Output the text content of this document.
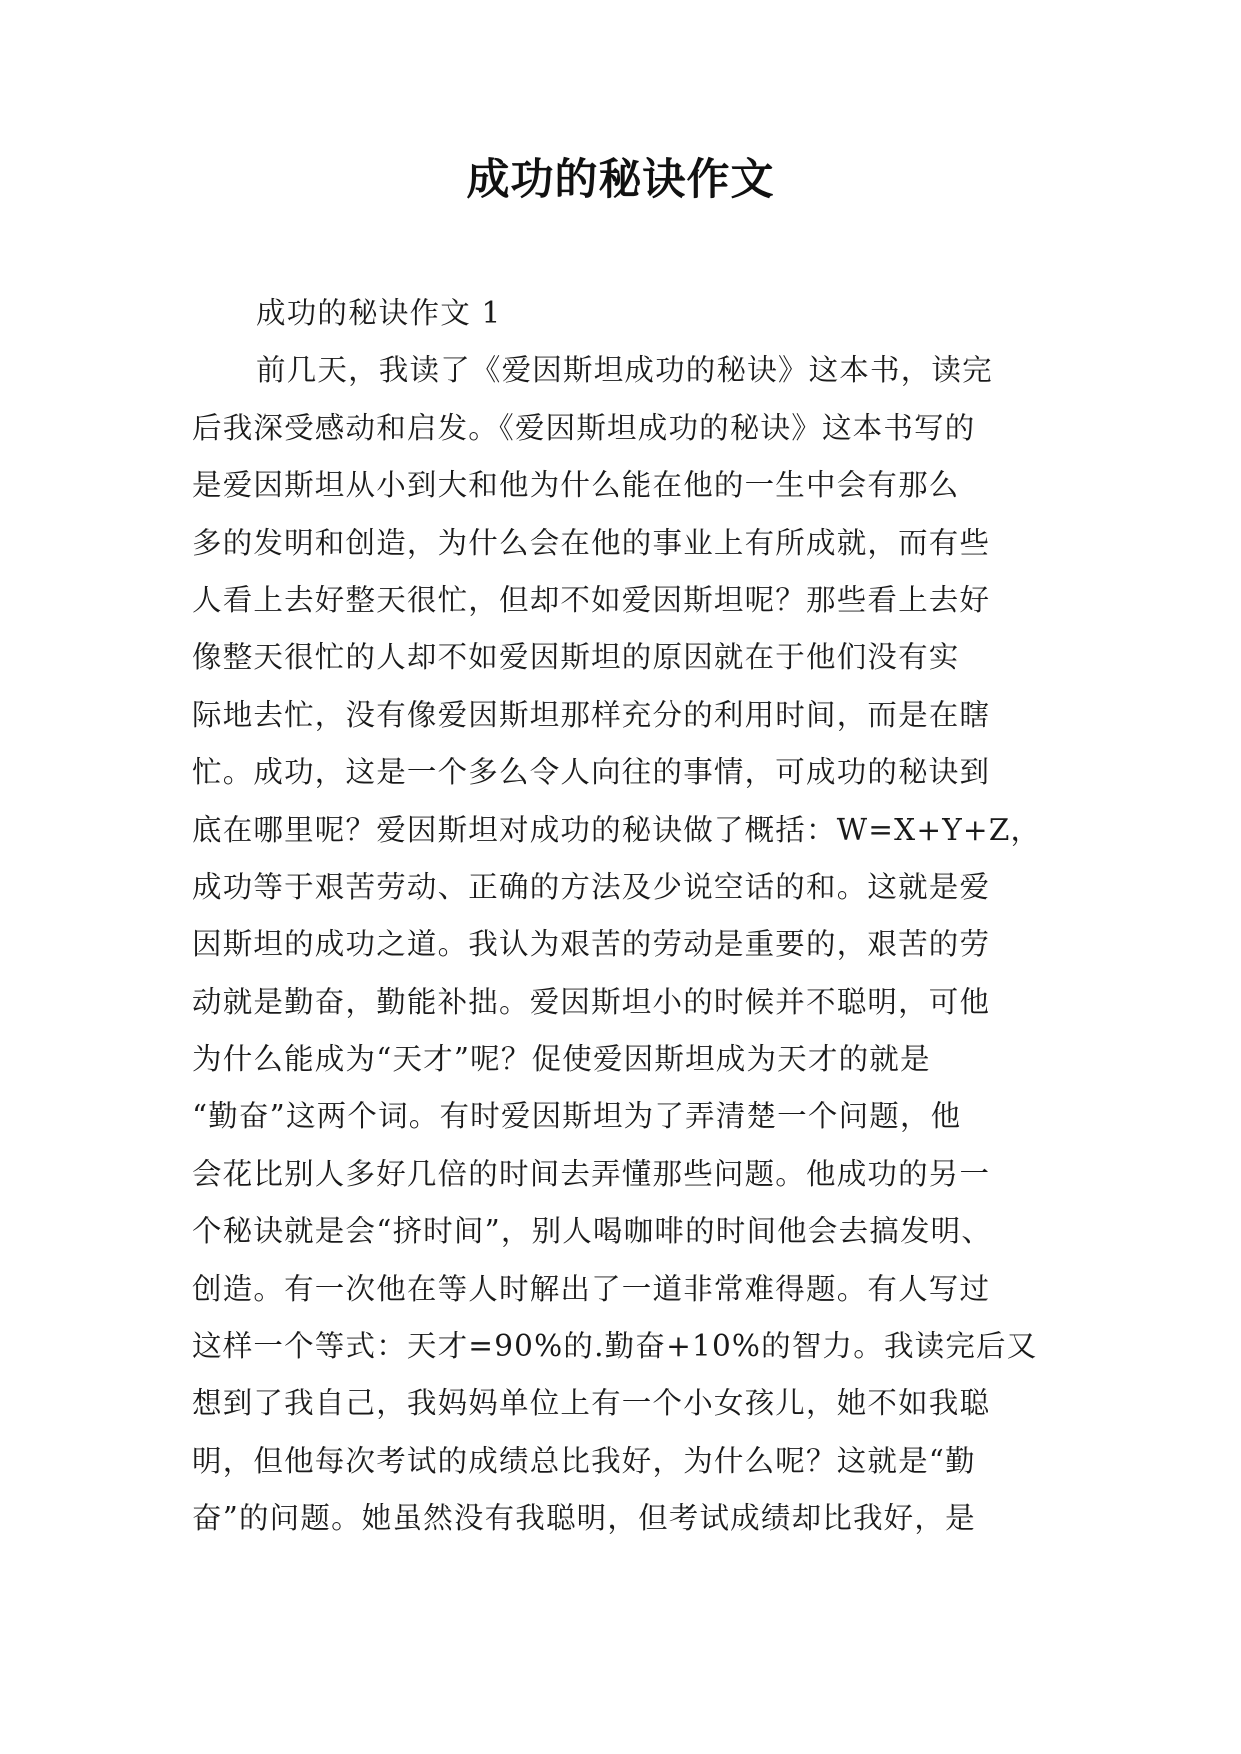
成功的秘诀作文
成功的秘诀作文 1
前几天，我读了《爱因斯坦成功的秘诀》这本书，读完
后我深受感动和启发。《爱因斯坦成功的秘诀》这本书写的
是爱因斯坦从小到大和他为什么能在他的一生中会有那么
多的发明和创造，为什么会在他的事业上有所成就，而有些
人看上去好整天很忙，但却不如爱因斯坦呢？那些看上去好
像整天很忙的人却不如爱因斯坦的原因就在于他们没有实
际地去忙，没有像爱因斯坦那样充分的利用时间，而是在瞎
忙。成功，这是一个多么令人向往的事情，可成功的秘诀到
底在哪里呢？爱因斯坦对成功的秘诀做了概括：W=X+Y+Z，
成功等于艰苦劳动、正确的方法及少说空话的和。这就是爱
因斯坦的成功之道。我认为艰苦的劳动是重要的，艰苦的劳
动就是勤奋，勤能补拙。爱因斯坦小的时候并不聪明，可他
为什么能成为“天才”呢？促使爱因斯坦成为天才的就是
“勤奋”这两个词。有时爱因斯坦为了弄清楚一个问题，他
会花比别人多好几倍的时间去弄懂那些问题。他成功的另一
个秘诀就是会“挤时间”，别人喝咖啡的时间他会去搞发明、
创造。有一次他在等人时解出了一道非常难得题。有人写过
这样一个等式：天才=90%的.勤奋+10%的智力。我读完后又
想到了我自己，我妈妈单位上有一个小女孩儿，她不如我聪
明，但他每次考试的成绩总比我好，为什么呢？这就是“勤
奋”的问题。她虽然没有我聪明，但考试成绩却比我好，是
